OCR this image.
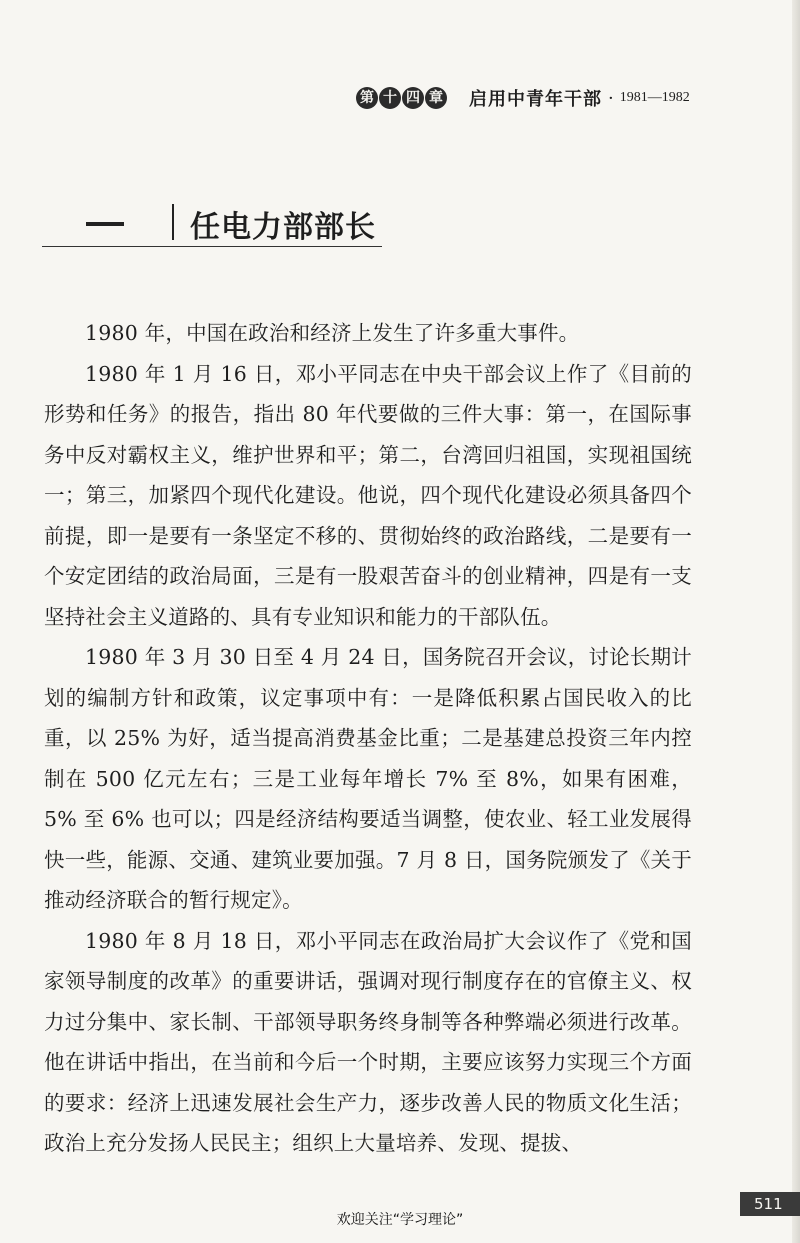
第 十 四 章 启用中青年干部 · 1981—1982
任电力部部长

1980 年，中国在政治和经济上发生了许多重大事件。

1980 年 1 月 16 日，邓小平同志在中央干部会议上作了《目前的形势和任务》的报告，指出 80 年代要做的三件大事：第一，在国际事务中反对霸权主义，维护世界和平；第二，台湾回归祖国，实现祖国统一；第三，加紧四个现代化建设。他说，四个现代化建设必须具备四个前提，即一是要有一条坚定不移的、贯彻始终的政治路线，二是要有一个安定团结的政治局面，三是有一股艰苦奋斗的创业精神，四是有一支坚持社会主义道路的、具有专业知识和能力的干部队伍。

1980 年 3 月 30 日至 4 月 24 日，国务院召开会议，讨论长期计划的编制方针和政策，议定事项中有：一是降低积累占国民收入的比重，以 25% 为好，适当提高消费基金比重；二是基建总投资三年内控制在 500 亿元左右；三是工业每年增长 7% 至 8%，如果有困难，5% 至 6% 也可以；四是经济结构要适当调整，使农业、轻工业发展得快一些，能源、交通、建筑业要加强。7 月 8 日，国务院颁发了《关于推动经济联合的暂行规定》。

1980 年 8 月 18 日，邓小平同志在政治局扩大会议作了《党和国家领导制度的改革》的重要讲话，强调对现行制度存在的官僚主义、权力过分集中、家长制、干部领导职务终身制等各种弊端必须进行改革。他在讲话中指出，在当前和今后一个时期，主要应该努力实现三个方面的要求：经济上迅速发展社会生产力，逐步改善人民的物质文化生活；政治上充分发扬人民民主；组织上大量培养、发现、提拔、

511
欢迎关注“学习理论”
